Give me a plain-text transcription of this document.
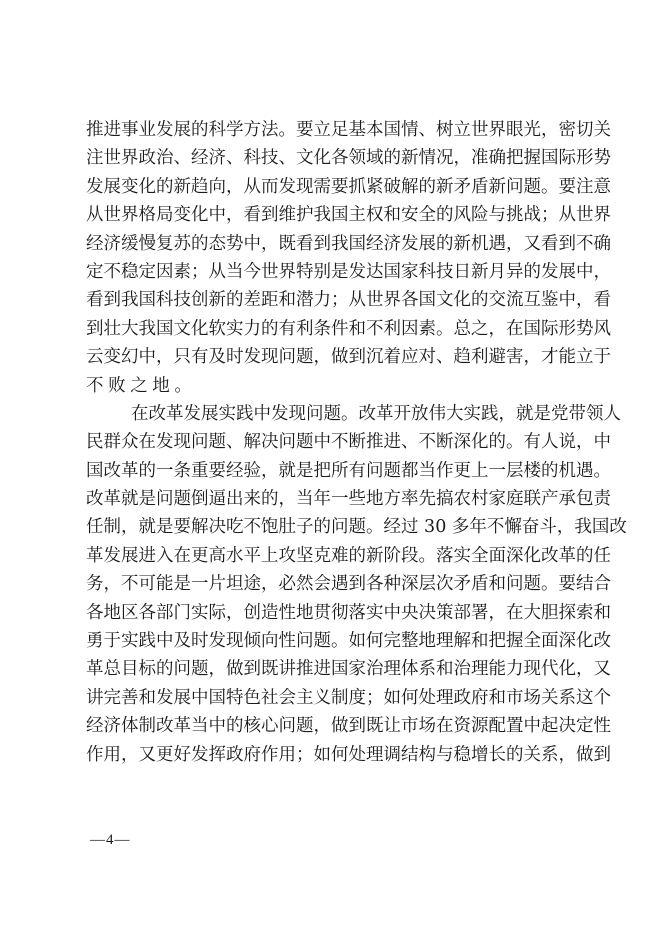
推进事业发展的科学方法。要立足基本国情、树立世界眼光，密切关
注世界政治、经济、科技、文化各领域的新情况，准确把握国际形势
发展变化的新趋向，从而发现需要抓紧破解的新矛盾新问题。要注意
从世界格局变化中，看到维护我国主权和安全的风险与挑战；从世界
经济缓慢复苏的态势中，既看到我国经济发展的新机遇，又看到不确
定不稳定因素；从当今世界特别是发达国家科技日新月异的发展中，
看到我国科技创新的差距和潜力；从世界各国文化的交流互鉴中，看
到壮大我国文化软实力的有利条件和不利因素。总之，在国际形势风
云变幻中，只有及时发现问题，做到沉着应对、趋利避害，才能立于
不败之地。
在改革发展实践中发现问题。改革开放伟大实践，就是党带领人
民群众在发现问题、解决问题中不断推进、不断深化的。有人说，中
国改革的一条重要经验，就是把所有问题都当作更上一层楼的机遇。
改革就是问题倒逼出来的，当年一些地方率先搞农村家庭联产承包责
任制，就是要解决吃不饱肚子的问题。经过 30 多年不懈奋斗，我国改
革发展进入在更高水平上攻坚克难的新阶段。落实全面深化改革的任
务，不可能是一片坦途，必然会遇到各种深层次矛盾和问题。要结合
各地区各部门实际，创造性地贯彻落实中央决策部署，在大胆探索和
勇于实践中及时发现倾向性问题。如何完整地理解和把握全面深化改
革总目标的问题，做到既讲推进国家治理体系和治理能力现代化，又
讲完善和发展中国特色社会主义制度；如何处理政府和市场关系这个
经济体制改革当中的核心问题，做到既让市场在资源配置中起决定性
作用，又更好发挥政府作用；如何处理调结构与稳增长的关系，做到
—4—
